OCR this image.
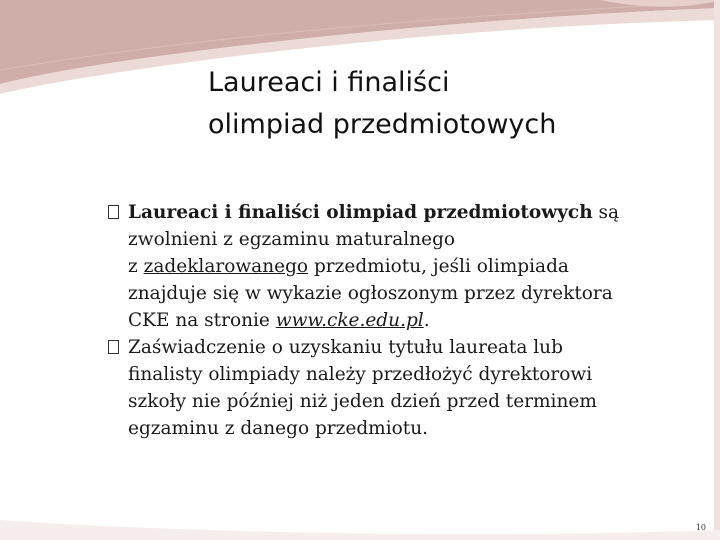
Laureaci i finaliści
olimpiad przedmiotowych
Laureaci i finaliści olimpiad przedmiotowych są
zwolnieni z egzaminu maturalnego
z zadeklarowanego przedmiotu, jeśli olimpiada
znajduje się w wykazie ogłoszonym przez dyrektora
CKE na stronie www.cke.edu.pl.
Zaświadczenie o uzyskaniu tytułu laureata lub
finalisty olimpiady należy przedłożyć dyrektorowi
szkoły nie później niż jeden dzień przed terminem
egzaminu z danego przedmiotu.
10
